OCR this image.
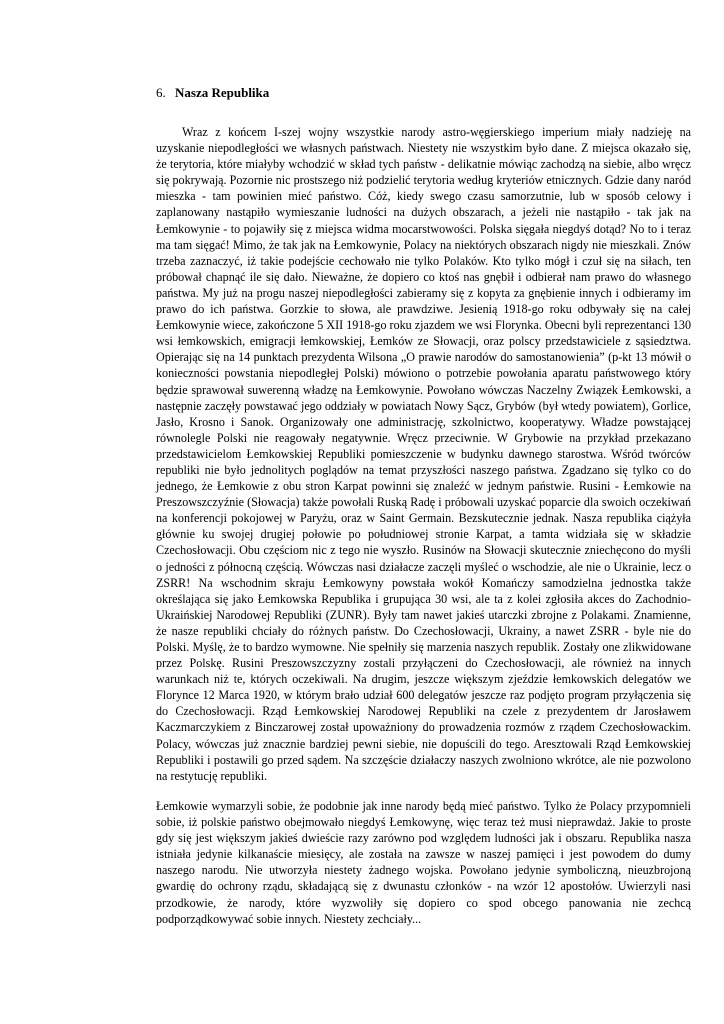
6. Nasza Republika

Wraz z końcem I-szej wojny wszystkie narody astro-węgierskiego imperium miały nadzieję na uzyskanie niepodległości we własnych państwach. Niestety nie wszystkim było dane. Z miejsca okazało się, że terytoria, które miałyby wchodzić w skład tych państw - delikatnie mówiąc zachodzą na siebie, albo wręcz się pokrywają. Pozornie nic prostszego niż podzielić terytoria według kryteriów etnicznych. Gdzie dany naród mieszka - tam powinien mieć państwo. Cóż, kiedy swego czasu samorzutnie, lub w sposób celowy i zaplanowany nastąpiło wymieszanie ludności na dużych obszarach, a jeżeli nie nastąpiło - tak jak na Łemkowynie - to pojawiły się z miejsca widma mocarstwowości. Polska sięgała niegdyś dotąd? No to i teraz ma tam sięgać! Mimo, że tak jak na Łemkowynie, Polacy na niektórych obszarach nigdy nie mieszkali. Znów trzeba zaznaczyć, iż takie podejście cechowało nie tylko Polaków. Kto tylko mógł i czuł się na siłach, ten próbował chapnąć ile się dało. Nieważne, że dopiero co ktoś nas gnębił i odbierał nam prawo do własnego państwa. My już na progu naszej niepodległości zabieramy się z kopyta za gnębienie innych i odbieramy im prawo do ich państwa. Gorzkie to słowa, ale prawdziwe. Jesienią 1918-go roku odbywały się na całej Łemkowynie wiece, zakończone 5 XII 1918-go roku zjazdem we wsi Florynka. Obecni byli reprezentanci 130 wsi łemkowskich, emigracji łemkowskiej, Łemków ze Słowacji, oraz polscy przedstawiciele z sąsiedztwa. Opierając się na 14 punktach prezydenta Wilsona „O prawie narodów do samostanowienia” (p-kt 13 mówił o konieczności powstania niepodległej Polski) mówiono o potrzebie powołania aparatu państwowego który będzie sprawował suwerenną władzę na Łemkowynie. Powołano wówczas Naczelny Związek Łemkowski, a następnie zaczęły powstawać jego oddziały w powiatach Nowy Sącz, Grybów (był wtedy powiatem), Gorlice, Jasło, Krosno i Sanok. Organizowały one administrację, szkolnictwo, kooperatywy. Władze powstającej równolegle Polski nie reagowały negatywnie. Wręcz przeciwnie. W Grybowie na przykład przekazano przedstawicielom Łemkowskiej Republiki pomieszczenie w budynku dawnego starostwa. Wśród twórców republiki nie było jednolitych poglądów na temat przyszłości naszego państwa. Zgadzano się tylko co do jednego, że Łemkowie z obu stron Karpat powinni się znaleźć w jednym państwie. Rusini - Łemkowie na Preszowszczyźnie (Słowacja) także powołali Ruską Radę i próbowali uzyskać poparcie dla swoich oczekiwań na konferencji pokojowej w Paryżu, oraz w Saint Germain. Bezskutecznie jednak. Nasza republika ciążyła głównie ku swojej drugiej połowie po południowej stronie Karpat, a tamta widziała się w składzie Czechosłowacji. Obu częściom nic z tego nie wyszło. Rusinów na Słowacji skutecznie zniechęcono do myśli o jedności z północną częścią. Wówczas nasi działacze zaczęli myśleć o wschodzie, ale nie o Ukrainie, lecz o ZSRR! Na wschodnim skraju Łemkowyny powstała wokół Komańczy samodzielna jednostka także określająca się jako Łemkowska Republika i grupująca 30 wsi, ale ta z kolei zgłosiła akces do Zachodnio-Ukraińskiej Narodowej Republiki (ZUNR). Były tam nawet jakieś utarczki zbrojne z Polakami. Znamienne, że nasze republiki chciały do różnych państw. Do Czechosłowacji, Ukrainy, a nawet ZSRR - byle nie do Polski. Myślę, że to bardzo wymowne. Nie spełniły się marzenia naszych republik. Zostały one zlikwidowane przez Polskę. Rusini Preszowszczyzny zostali przyłączeni do Czechosłowacji, ale również na innych warunkach niż te, których oczekiwali. Na drugim, jeszcze większym zjeździe łemkowskich delegatów we Florynce 12 Marca 1920, w którym brało udział 600 delegatów jeszcze raz podjęto program przyłączenia się do Czechosłowacji. Rząd Łemkowskiej Narodowej Republiki na czele z prezydentem dr Jarosławem Kaczmarczykiem z Binczarowej został upoważniony do prowadzenia rozmów z rządem Czechosłowackim. Polacy, wówczas już znacznie bardziej pewni siebie, nie dopuścili do tego. Aresztowali Rząd Łemkowskiej Republiki i postawili go przed sądem. Na szczęście działaczy naszych zwolniono wkrótce, ale nie pozwolono na restytucję republiki.

Łemkowie wymarzyli sobie, że podobnie jak inne narody będą mieć państwo. Tylko że Polacy przypomnieli sobie, iż polskie państwo obejmowało niegdyś Łemkowynę, więc teraz też musi nieprawdaż. Jakie to proste gdy się jest większym jakieś dwieście razy zarówno pod względem ludności jak i obszaru. Republika nasza istniała jedynie kilkanaście miesięcy, ale została na zawsze w naszej pamięci i jest powodem do dumy naszego narodu. Nie utworzyła niestety żadnego wojska. Powołano jedynie symboliczną, nieuzbrojoną gwardię do ochrony rządu, składającą się z dwunastu członków - na wzór 12 apostołów. Uwierzyli nasi przodkowie, że narody, które wyzwoliły się dopiero co spod obcego panowania nie zechcą podporządkowywać sobie innych. Niestety zechciały...
